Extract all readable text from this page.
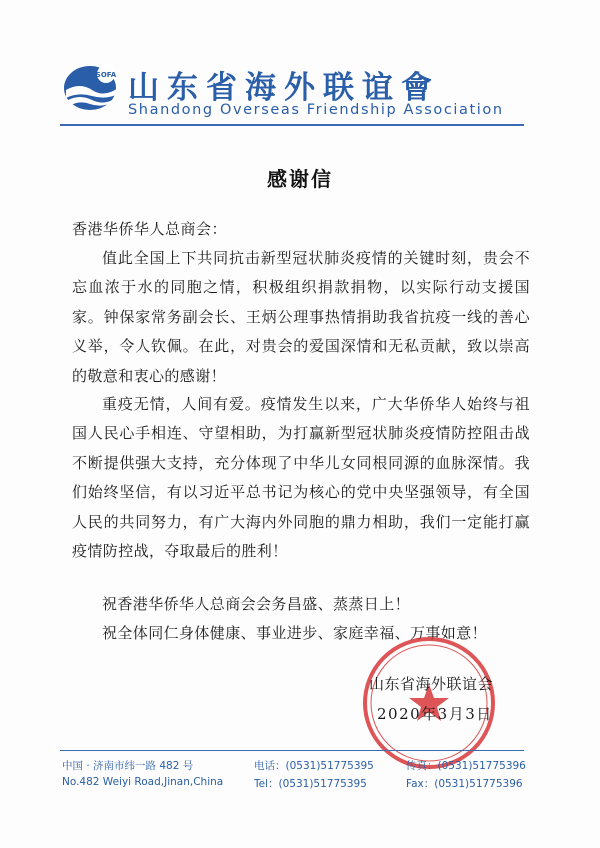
SOFA 山东省海外联谊會
Shandong Overseas Friendship Association
感谢信
香港华侨华人总商会：
值此全国上下共同抗击新型冠状肺炎疫情的关键时刻，贵会不忘血浓于水的同胞之情，积极组织捐款捐物，以实际行动支援国家。钟保家常务副会长、王炳公理事热情捐助我省抗疫一线的善心义举，令人钦佩。在此，对贵会的爱国深情和无私贡献，致以崇高的敬意和衷心的感谢！
重疫无情，人间有爱。疫情发生以来，广大华侨华人始终与祖国人民心手相连、守望相助，为打赢新型冠状肺炎疫情防控阻击战不断提供强大支持，充分体现了中华儿女同根同源的血脉深情。我们始终坚信，有以习近平总书记为核心的党中央坚强领导，有全国人民的共同努力，有广大海内外同胞的鼎力相助，我们一定能打赢疫情防控战，夺取最后的胜利！
祝香港华侨华人总商会会务昌盛、蒸蒸日上！
祝全体同仁身体健康、事业进步、家庭幸福、万事如意！
山东省海外联谊会
2020年3月3日
中国 · 济南市纬一路 482 号
No.482 Weiyi Road,Jinan,China
电话：(0531)51775395
Tel：(0531)51775395
传真：(0531)51775396
Fax：(0531)51775396
